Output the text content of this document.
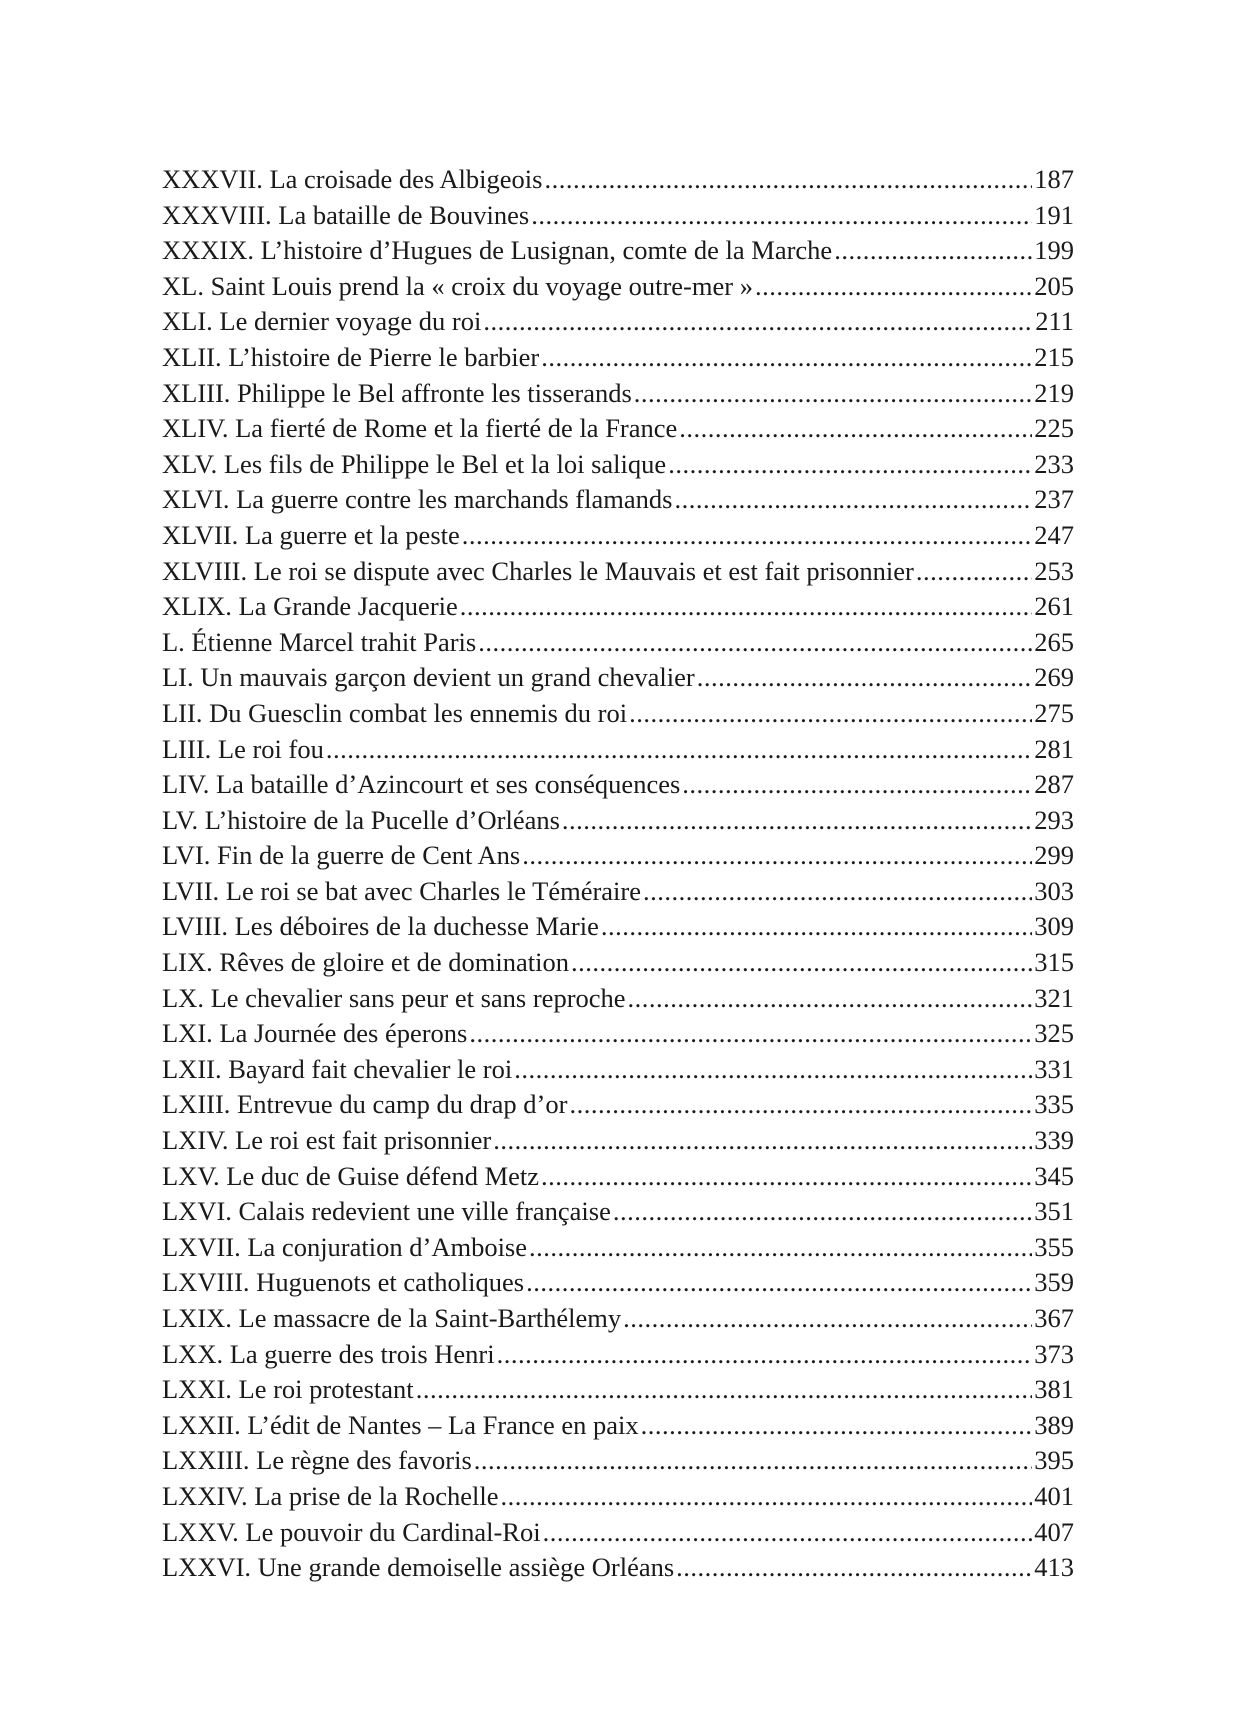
XXXVII. La croisade des Albigeois .....	187
XXXVIII. La bataille de Bouvines .....	191
XXXIX. L’histoire d’Hugues de Lusignan, comte de la Marche .....	199
XL. Saint Louis prend la « croix du voyage outre-mer » .....	205
XLI. Le dernier voyage du roi .....	211
XLII. L’histoire de Pierre le barbier .....	215
XLIII. Philippe le Bel affronte les tisserands .....	219
XLIV. La fierté de Rome et la fierté de la France .....	225
XLV. Les fils de Philippe le Bel et la loi salique .....	233
XLVI. La guerre contre les marchands flamands .....	237
XLVII. La guerre et la peste .....	247
XLVIII. Le roi se dispute avec Charles le Mauvais et est fait prisonnier .....	253
XLIX. La Grande Jacquerie .....	261
L. Étienne Marcel trahit Paris .....	265
LI. Un mauvais garçon devient un grand chevalier .....	269
LII. Du Guesclin combat les ennemis du roi .....	275
LIII. Le roi fou .....	281
LIV. La bataille d’Azincourt et ses conséquences .....	287
LV. L’histoire de la Pucelle d’Orléans .....	293
LVI. Fin de la guerre de Cent Ans .....	299
LVII. Le roi se bat avec Charles le Téméraire .....	303
LVIII. Les déboires de la duchesse Marie .....	309
LIX. Rêves de gloire et de domination .....	315
LX. Le chevalier sans peur et sans reproche .....	321
LXI. La Journée des éperons .....	325
LXII. Bayard fait chevalier le roi .....	331
LXIII. Entrevue du camp du drap d’or .....	335
LXIV. Le roi est fait prisonnier .....	339
LXV. Le duc de Guise défend Metz .....	345
LXVI. Calais redevient une ville française .....	351
LXVII. La conjuration d’Amboise .....	355
LXVIII. Huguenots et catholiques .....	359
LXIX. Le massacre de la Saint-Barthélemy .....	367
LXX. La guerre des trois Henri .....	373
LXXI. Le roi protestant .....	381
LXXII. L’édit de Nantes – La France en paix .....	389
LXXIII. Le règne des favoris .....	395
LXXIV. La prise de la Rochelle .....	401
LXXV. Le pouvoir du Cardinal-Roi .....	407
LXXVI. Une grande demoiselle assiège Orléans .....	413
